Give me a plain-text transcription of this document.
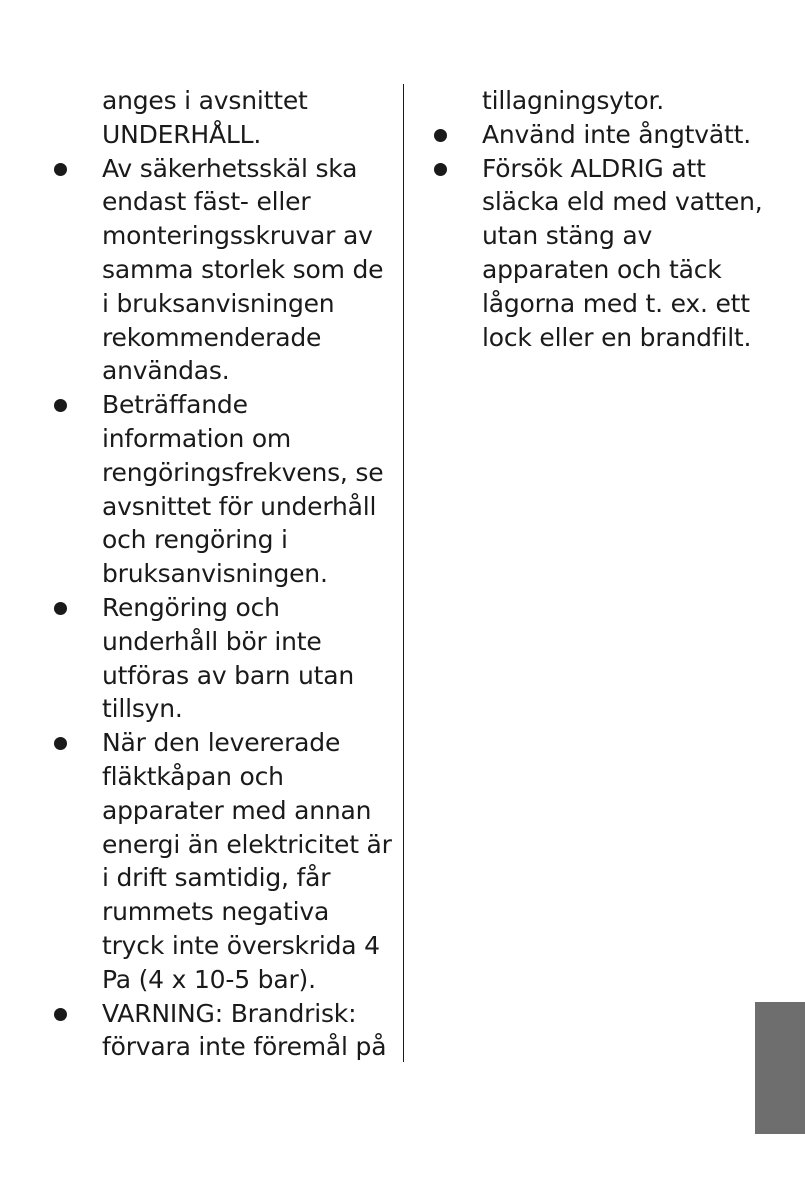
anges i avsnittet
UNDERHÅLL.
Av säkerhetsskäl ska
endast fäst- eller
monteringsskruvar av
samma storlek som de
i bruksanvisningen
rekommenderade
användas.
Beträffande
information om
rengöringsfrekvens, se
avsnittet för underhåll
och rengöring i
bruksanvisningen.
Rengöring och
underhåll bör inte
utföras av barn utan
tillsyn.
När den levererade
fläktkåpan och
apparater med annan
energi än elektricitet är
i drift samtidig, får
rummets negativa
tryck inte överskrida 4
Pa (4 x 10-5 bar).
VARNING: Brandrisk:
förvara inte föremål på
tillagningsytor.
Använd inte ångtvätt.
Försök ALDRIG att
släcka eld med vatten,
utan stäng av
apparaten och täck
lågorna med t. ex. ett
lock eller en brandfilt.
